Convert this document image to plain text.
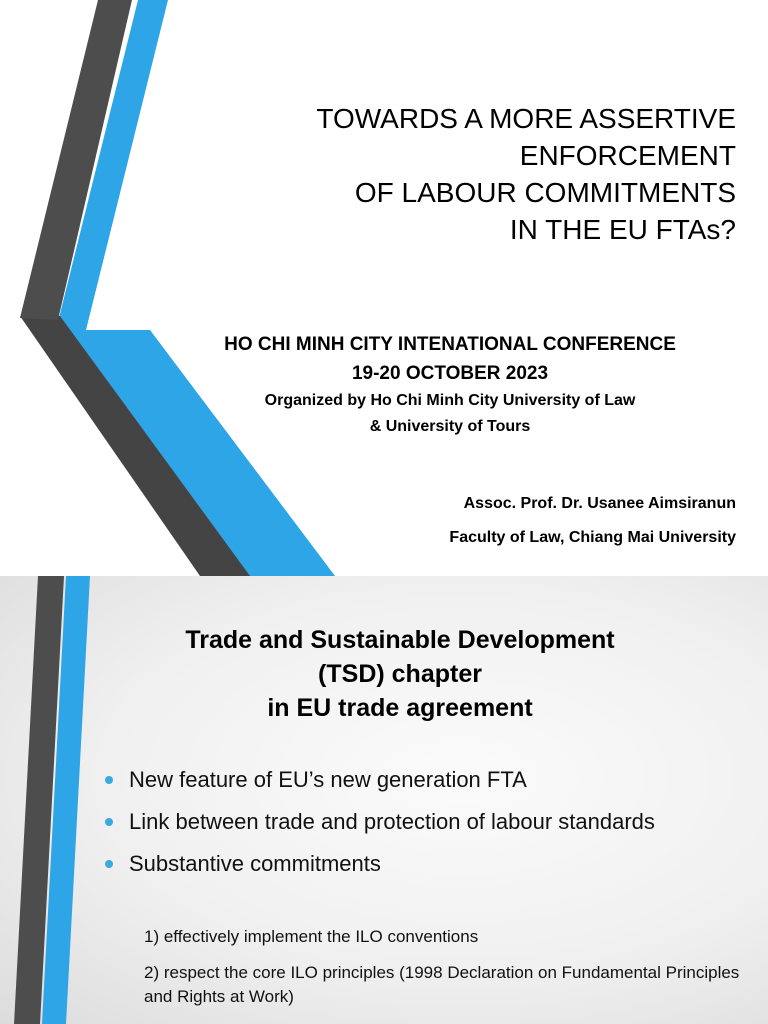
TOWARDS A MORE ASSERTIVE
ENFORCEMENT
OF LABOUR COMMITMENTS
IN THE EU FTAs?
HO CHI MINH CITY INTENATIONAL CONFERENCE
19-20 OCTOBER 2023
Organized by Ho Chi Minh City University of Law
& University of Tours
Assoc. Prof. Dr. Usanee Aimsiranun
Faculty of Law, Chiang Mai University
Trade and Sustainable Development
(TSD) chapter
in EU trade agreement
New feature of EU’s new generation FTA
Link between trade and protection of labour standards
Substantive commitments
1) effectively implement the ILO conventions
2) respect the core ILO principles (1998 Declaration on Fundamental Principles and Rights at Work)
